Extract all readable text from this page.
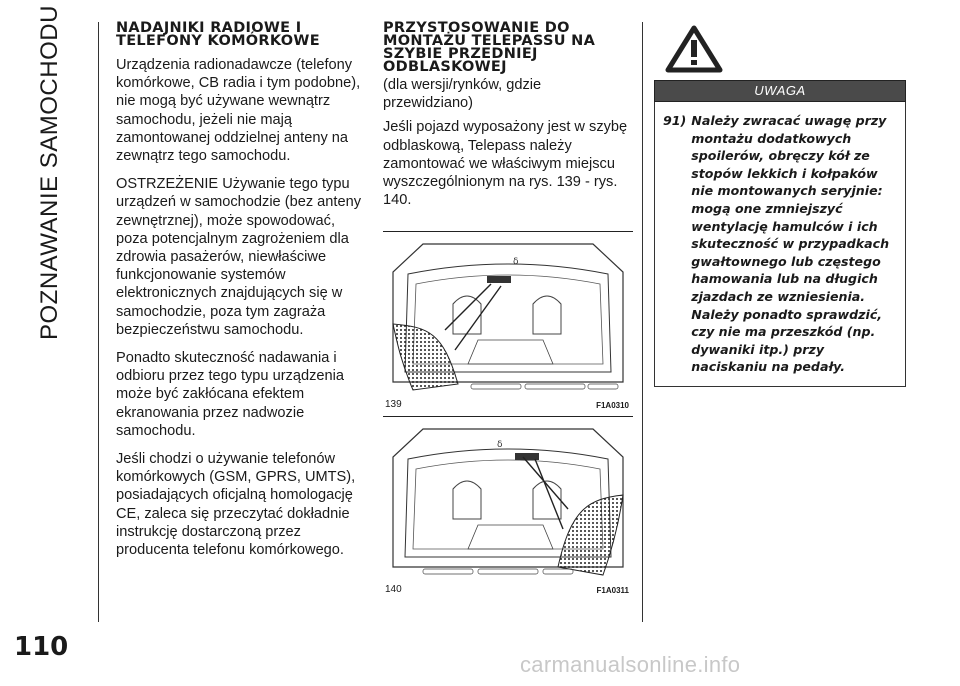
POZNAWANIE SAMOCHODU	NADAJNIKI RADIOWE I TELEFONY KOMÓRKOWE

Urządzenia radionadawcze (telefony komórkowe, CB radia i tym podobne), nie mogą być używane wewnątrz samochodu, jeżeli nie mają zamontowanej oddzielnej anteny na zewnątrz tego samochodu.

OSTRZEŻENIE Używanie tego typu urządzeń w samochodzie (bez anteny zewnętrznej), może spowodować, poza potencjalnym zagrożeniem dla zdrowia pasażerów, niewłaściwe funkcjonowanie systemów elektronicznych znajdujących się w samochodzie, poza tym zagraża bezpieczeństwu samochodu.

Ponadto skuteczność nadawania i odbioru przez tego typu urządzenia może być zakłócana efektem ekranowania przez nadwozie samochodu.

Jeśli chodzi o używanie telefonów komórkowych (GSM, GPRS, UMTS), posiadających oficjalną homologację CE, zaleca się przeczytać dokładnie instrukcję dostarczoną przez producenta telefonu komórkowego.

PRZYSTOSOWANIE DO MONTAŻU TELEPASSU NA SZYBIE PRZEDNIEJ ODBLASKOWEJ

(dla wersji/rynków, gdzie przewidziano)

Jeśli pojazd wyposażony jest w szybę odblaskową, Telepass należy zamontować we właściwym miejscu wyszczególnionym na rys. 139 - rys. 140.

δ
139	F1A0310
δ
140	F1A0311
UWAGA
91) Należy zwracać uwagę przy montażu dodatkowych spoilerów, obręczy kół ze stopów lekkich i kołpaków nie montowanych seryjnie: mogą one zmniejszyć wentylację hamulców i ich skuteczność w przypadkach gwałtownego lub częstego hamowania lub na długich zjazdach ze wzniesienia. Należy ponadto sprawdzić, czy nie ma przeszkód (np. dywaniki itp.) przy naciskaniu na pedały.
110
carmanualsonline.info
